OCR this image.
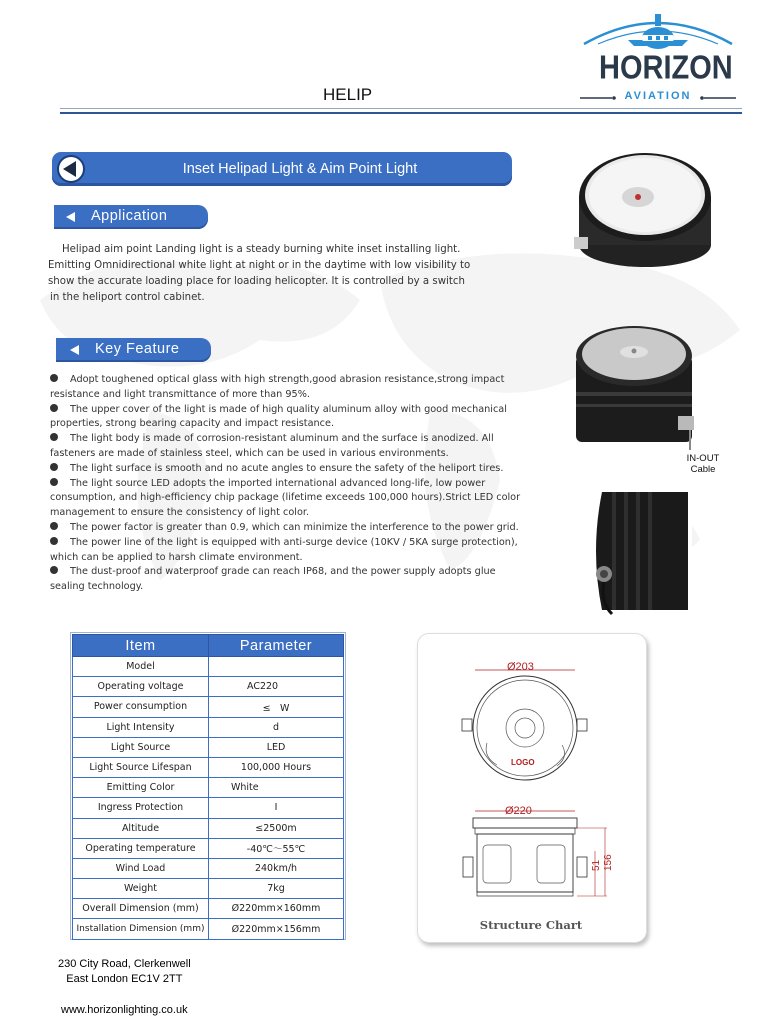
HELIP
HORIZON
AVIATION
Inset Helipad Light & Aim Point Light
Application
Helipad aim point Landing light is a steady burning white inset installing light.
Emitting Omnidirectional white light at night or in the daytime with low visibility to
show the accurate loading place for loading helicopter. It is controlled by a switch
in the heliport control cabinet.
Key Feature

Adopt toughened optical glass with high strength,good abrasion resistance,strong impact

resistance and light transmittance of more than 95%.

The upper cover of the light is made of high quality aluminum alloy with good mechanical

properties, strong bearing capacity and impact resistance.

The light body is made of corrosion-resistant aluminum and the surface is anodized. All

fasteners are made of stainless steel, which can be used in various environments.

The light surface is smooth and no acute angles to ensure the safety of the heliport tires.

The light source LED adopts the imported international advanced long-life, low power

consumption, and high-efficiency chip package (lifetime exceeds 100,000 hours).Strict LED color

management to ensure the consistency of light color.

The power factor is greater than 0.9, which can minimize the interference to the power grid.

The power line of the light is equipped with anti-surge device (10KV / 5KA surge protection),

which can be applied to harsh climate environment.

The dust-proof and waterproof grade can reach IP68, and the power supply adopts glue

sealing technology.

IN-OUT
Cable
Item	Parameter
Model	
Operating voltage	AC220
Power consumption	≤　W
Light Intensity	d
Light Source	LED
Light Source Lifespan	100,000 Hours
Emitting Color	White
Ingress Protection	I
Altitude	≤2500m
Operating temperature	-40℃～55℃
Wind Load	240km/h
Weight	7kg
Overall Dimension (mm)	Ø220mm×160mm
Installation Dimension (mm)	Ø220mm×156mm
Ø203
LOGO
Ø220
51 156
Structure Chart
230 City Road, Clerkenwell
East London EC1V 2TT
www.horizonlighting.co.uk
